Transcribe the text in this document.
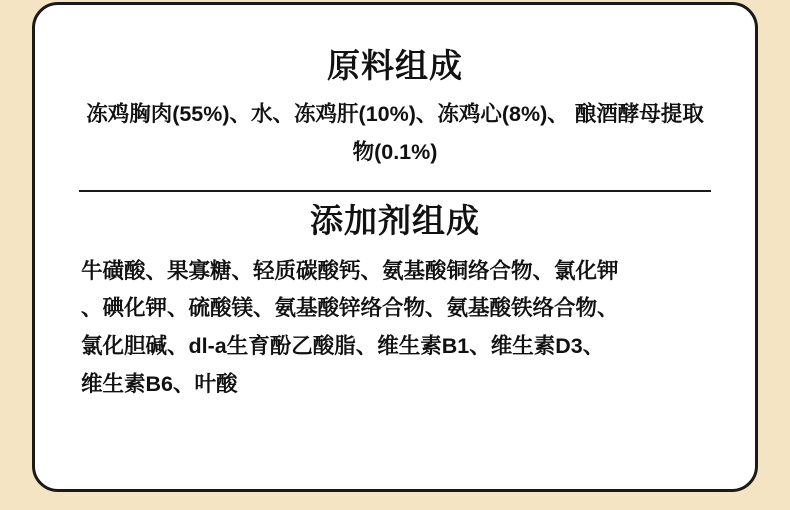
原料组成
冻鸡胸肉(55%)、水、冻鸡肝(10%)、冻鸡心(8%)、 酿酒酵母提取物(0.1%)
添加剂组成
牛磺酸、果寡糖、轻质碳酸钙、氨基酸铜络合物、氯化钾
、碘化钾、硫酸镁、氨基酸锌络合物、氨基酸铁络合物、
氯化胆碱、dl-a生育酚乙酸脂、维生素B1、维生素D3、
维生素B6、叶酸
